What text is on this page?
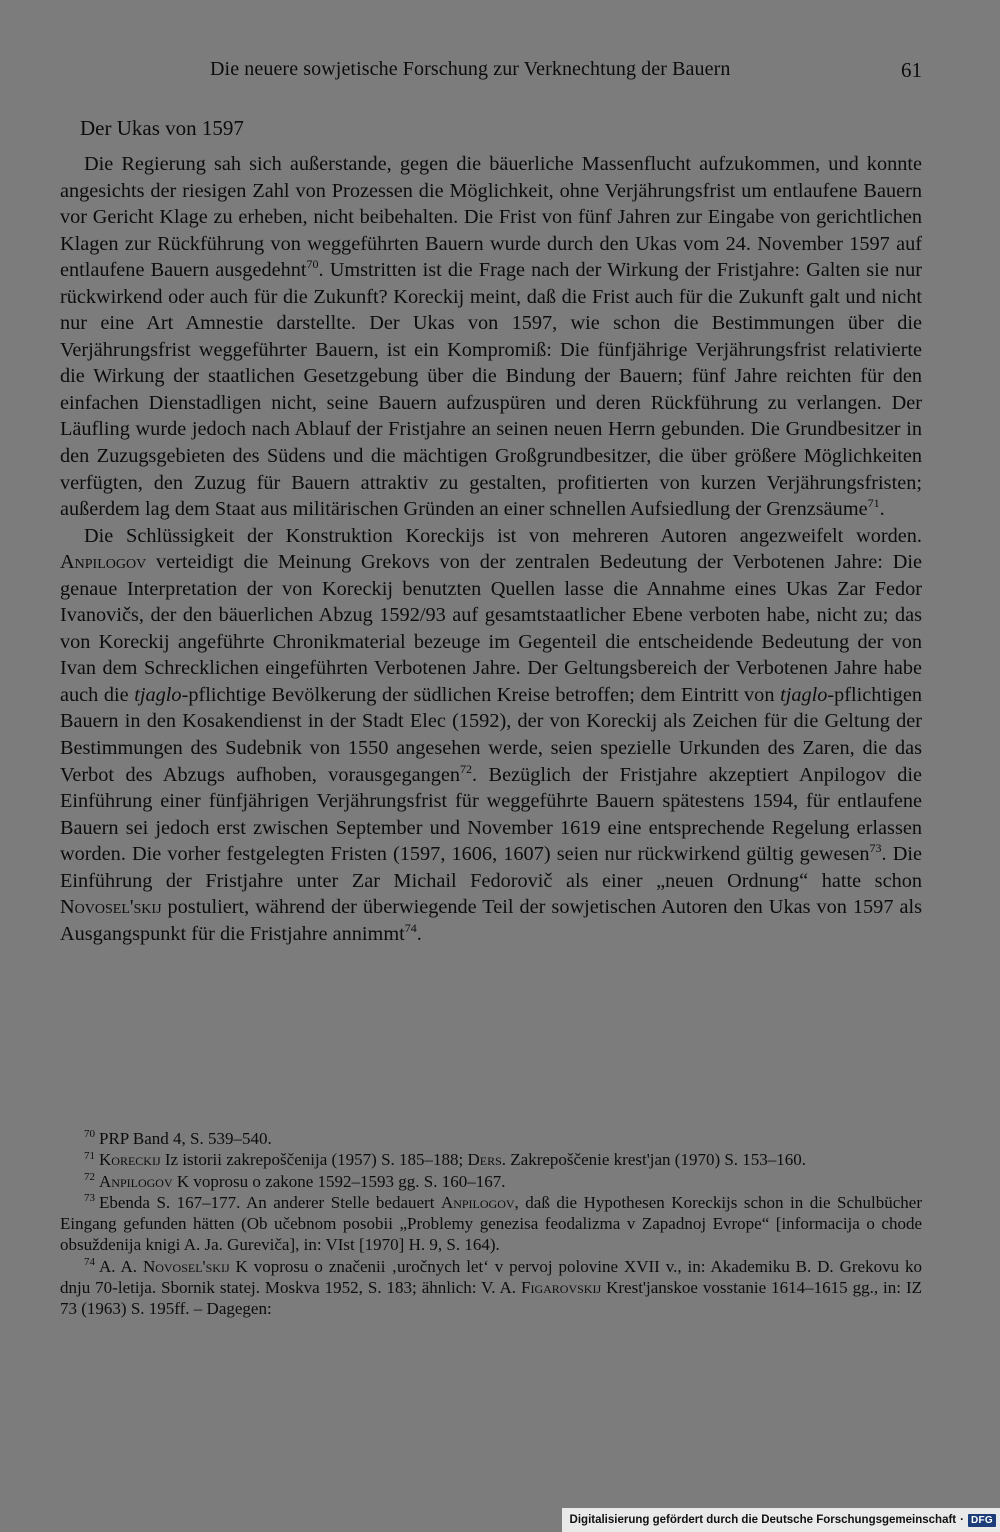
Die neuere sowjetische Forschung zur Verknechtung der Bauern	61
Der Ukas von 1597

Die Regierung sah sich außerstande, gegen die bäuerliche Massenflucht aufzukommen, und konnte angesichts der riesigen Zahl von Prozessen die Möglichkeit, ohne Verjährungsfrist um entlaufene Bauern vor Gericht Klage zu erheben, nicht beibehalten. Die Frist von fünf Jahren zur Eingabe von gerichtlichen Klagen zur Rückführung von weggeführten Bauern wurde durch den Ukas vom 24. November 1597 auf entlaufene Bauern ausgedehnt$^{70}$. Umstritten ist die Frage nach der Wirkung der Fristjahre: Galten sie nur rückwirkend oder auch für die Zukunft? Koreckij meint, daß die Frist auch für die Zukunft galt und nicht nur eine Art Amnestie darstellte. Der Ukas von 1597, wie schon die Bestimmungen über die Verjährungsfrist weggeführter Bauern, ist ein Kompromiß: Die fünfjährige Verjährungsfrist relativierte die Wirkung der staatlichen Gesetzgebung über die Bindung der Bauern; fünf Jahre reichten für den einfachen Dienstadligen nicht, seine Bauern aufzuspüren und deren Rückführung zu verlangen. Der Läufling wurde jedoch nach Ablauf der Fristjahre an seinen neuen Herrn gebunden. Die Grundbesitzer in den Zuzugsgebieten des Südens und die mächtigen Großgrundbesitzer, die über größere Möglichkeiten verfügten, den Zuzug für Bauern attraktiv zu gestalten, profitierten von kurzen Verjährungsfristen; außerdem lag dem Staat aus militärischen Gründen an einer schnellen Aufsiedlung der Grenzsäume$^{71}$.

Die Schlüssigkeit der Konstruktion Koreckijs ist von mehreren Autoren angezweifelt worden. Anpilogov verteidigt die Meinung Grekovs von der zentralen Bedeutung der Verbotenen Jahre: Die genaue Interpretation der von Koreckij benutzten Quellen lasse die Annahme eines Ukas Zar Fedor Ivanovičs, der den bäuerlichen Abzug 1592/93 auf gesamtstaatlicher Ebene verboten habe, nicht zu; das von Koreckij angeführte Chronikmaterial bezeuge im Gegenteil die entscheidende Bedeutung der von Ivan dem Schrecklichen eingeführten Verbotenen Jahre. Der Geltungsbereich der Verbotenen Jahre habe auch die tjaglo-pflichtige Bevölkerung der südlichen Kreise betroffen; dem Eintritt von tjaglo-pflichtigen Bauern in den Kosakendienst in der Stadt Elec (1592), der von Koreckij als Zeichen für die Geltung der Bestimmungen des Sudebnik von 1550 angesehen werde, seien spezielle Urkunden des Zaren, die das Verbot des Abzugs aufhoben, vorausgegangen$^{72}$. Bezüglich der Fristjahre akzeptiert Anpilogov die Einführung einer fünfjährigen Verjährungsfrist für weggeführte Bauern spätestens 1594, für entlaufene Bauern sei jedoch erst zwischen September und November 1619 eine entsprechende Regelung erlassen worden. Die vorher festgelegten Fristen (1597, 1606, 1607) seien nur rückwirkend gültig gewesen$^{73}$. Die Einführung der Fristjahre unter Zar Michail Fedorovič als einer „neuen Ordnung“ hatte schon Novosel'skij postuliert, während der überwiegende Teil der sowjetischen Autoren den Ukas von 1597 als Ausgangspunkt für die Fristjahre annimmt$^{74}$.

$^{70}$ PRP Band 4, S. 539–540.

$^{71}$ Koreckij Iz istorii zakrepoščenija (1957) S. 185–188; Ders. Zakrepoščenie krest'jan (1970) S. 153–160.

$^{72}$ Anpilogov K voprosu o zakone 1592–1593 gg. S. 160–167.

$^{73}$ Ebenda S. 167–177. An anderer Stelle bedauert Anpilogov, daß die Hypothesen Koreckijs schon in die Schulbücher Eingang gefunden hätten (Ob učebnom posobii „Problemy genezisa feodalizma v Zapadnoj Evrope“ [informacija o chode obsuždenija knigi A. Ja. Gureviča], in: VIst [1970] H. 9, S. 164).

$^{74}$ A. A. Novosel'skij K voprosu o značenii ‚uročnych let‘ v pervoj polovine XVII v., in: Akademiku B. D. Grekovu ko dnju 70-letija. Sbornik statej. Moskva 1952, S. 183; ähnlich: V. A. Figarovskij Krest'janskoe vosstanie 1614–1615 gg., in: IZ 73 (1963) S. 195ff. – Dagegen:

Digitalisierung gefördert durch die Deutsche Forschungsgemeinschaft · DFG
